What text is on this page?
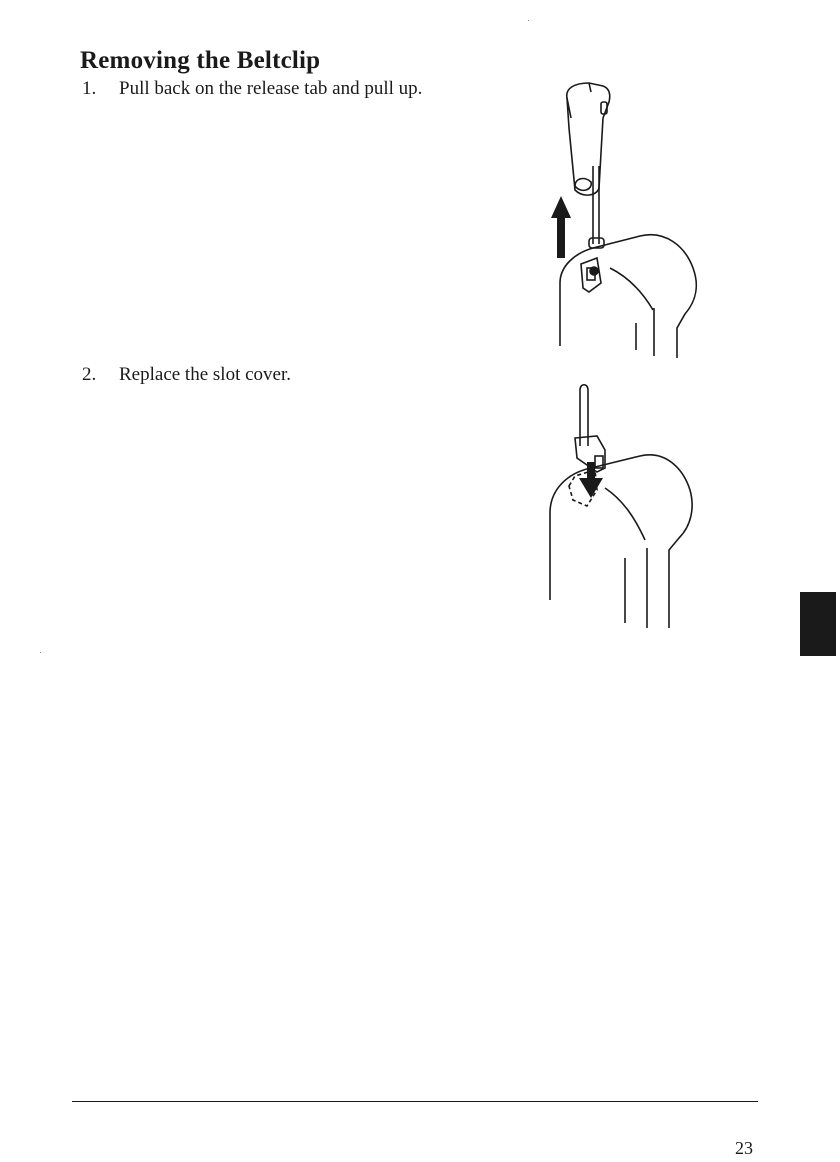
Removing the Beltclip
1. Pull back on the release tab and pull up.
2. Replace the slot cover.
23
